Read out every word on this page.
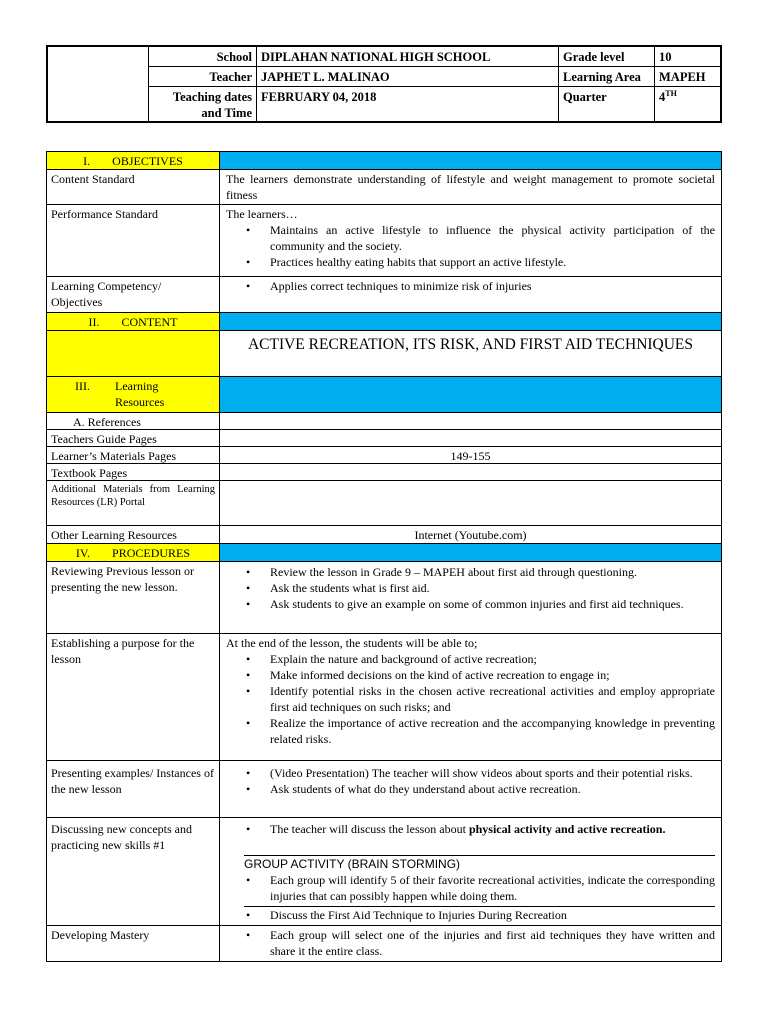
School DIPLAHAN NATIONAL HIGH SCHOOL	Grade level	10
Teacher JAPHET L. MALINAO	Learning Area	MAPEH
Teaching dates
and Time
FEBRUARY 04, 2018	Quarter	4TH
I. OBJECTIVES
Content Standard	The learners demonstrate understanding of lifestyle and weight management to promote societal fitness
Performance Standard	The learners…
• Maintains an active lifestyle to influence the physical activity participation of the community and the society.
• Practices healthy eating habits that support an active lifestyle.
Learning Competency/
Objectives
• Applies correct techniques to minimize risk of injuries
II. CONTENT
ACTIVE RECREATION, ITS RISK, AND FIRST AID TECHNIQUES
III. Learning
Resources
A. References
Teachers Guide Pages
Learner’s Materials Pages	149-155
Textbook Pages
Additional Materials from Learning Resources (LR) Portal
Other Learning Resources	Internet (Youtube.com)
IV. PROCEDURES
Reviewing Previous lesson or presenting the new lesson.
• Review the lesson in Grade 9 – MAPEH about first aid through questioning.
• Ask the students what is first aid.
• Ask students to give an example on some of common injuries and first aid techniques.
Establishing a purpose for the lesson
At the end of the lesson, the students will be able to;
• Explain the nature and background of active recreation;
• Make informed decisions on the kind of active recreation to engage in;
• Identify potential risks in the chosen active recreational activities and employ appropriate first aid techniques on such risks; and
• Realize the importance of active recreation and the accompanying knowledge in preventing related risks.
Presenting examples/ Instances of the new lesson
• (Video Presentation) The teacher will show videos about sports and their potential risks.
• Ask students of what do they understand about active recreation.
Discussing new concepts and practicing new skills #1
• The teacher will discuss the lesson about physical activity and active recreation.
GROUP ACTIVITY (BRAIN STORMING)
• Each group will identify 5 of their favorite recreational activities, indicate the corresponding injuries that can possibly happen while doing them.
• Discuss the First Aid Technique to Injuries During Recreation
Developing Mastery
•	Each group will select one of the injuries and first aid techniques they have written and share it the entire class.
